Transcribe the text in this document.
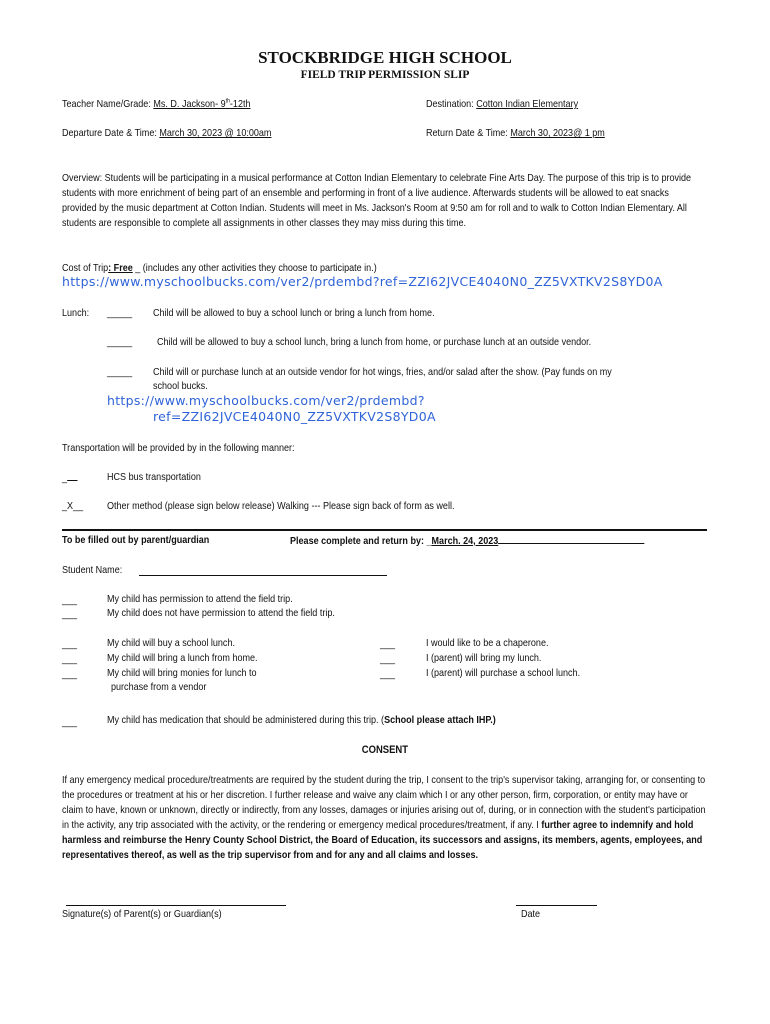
STOCKBRIDGE HIGH SCHOOL
FIELD TRIP PERMISSION SLIP
Teacher Name/Grade: Ms. D. Jackson- 9th-12th	Destination: Cotton Indian Elementary
Departure Date & Time: March 30, 2023 @ 10:00am	Return Date & Time: March 30, 2023@ 1 pm
Overview: Students will be participating in a musical performance at Cotton Indian Elementary to celebrate Fine Arts Day. The purpose of this trip is to provide students with more enrichment of being part of an ensemble and performing in front of a live audience. Afterwards students will be allowed to eat snacks provided by the music department at Cotton Indian. Students will meet in Ms. Jackson's Room at 9:50 am for roll and to walk to Cotton Indian Elementary. All students are responsible to complete all assignments in other classes they may miss during this time.
Cost of Trip: Free _ (includes any other activities they choose to participate in.)
https://www.myschoolbucks.com/ver2/prdembd?ref=ZZI62JVCE4040N0_ZZ5VXTKV2S8YD0A
Lunch: _____ Child will be allowed to buy a school lunch or bring a lunch from home.
_____ Child will be allowed to buy a school lunch, bring a lunch from home, or purchase lunch at an outside vendor.
_____ Child will or purchase lunch at an outside vendor for hot wings, fries, and/or salad after the show. (Pay funds on my
school bucks.
https://www.myschoolbucks.com/ver2/prdembd?
ref=ZZI62JVCE4040N0_ZZ5VXTKV2S8YD0A
Transportation will be provided by in the following manner:
_	HCS bus transportation
_X__ Other method (please sign below release) Walking --- Please sign back of form as well.
To be filled out by parent/guardian	Please complete and return by: _March. 24, 2023
Student Name:
___	My child has permission to attend the field trip.
___	My child does not have permission to attend the field trip.
___	My child will buy a school lunch.
___	My child will bring a lunch from home.
___	My child will bring monies for lunch to
purchase from a vendor
___	I would like to be a chaperone.
___	I (parent) will bring my lunch.
___	I (parent) will purchase a school lunch.
___	My child has medication that should be administered during this trip. (School please attach IHP.)
CONSENT
If any emergency medical procedure/treatments are required by the student during the trip, I consent to the trip's supervisor taking, arranging for, or consenting to the procedures or treatment at his or her discretion. I further release and waive any claim which I or any other person, firm, corporation, or entity may have or claim to have, known or unknown, directly or indirectly, from any losses, damages or injuries arising out of, during, or in connection with the student's participation in the activity, any trip associated with the activity, or the rendering or emergency medical procedures/treatment, if any. I further agree to indemnify and hold harmless and reimburse the Henry County School District, the Board of Education, its successors and assigns, its members, agents, employees, and representatives thereof, as well as the trip supervisor from and for any and all claims and losses.
Signature(s) of Parent(s) or Guardian(s)	Date
